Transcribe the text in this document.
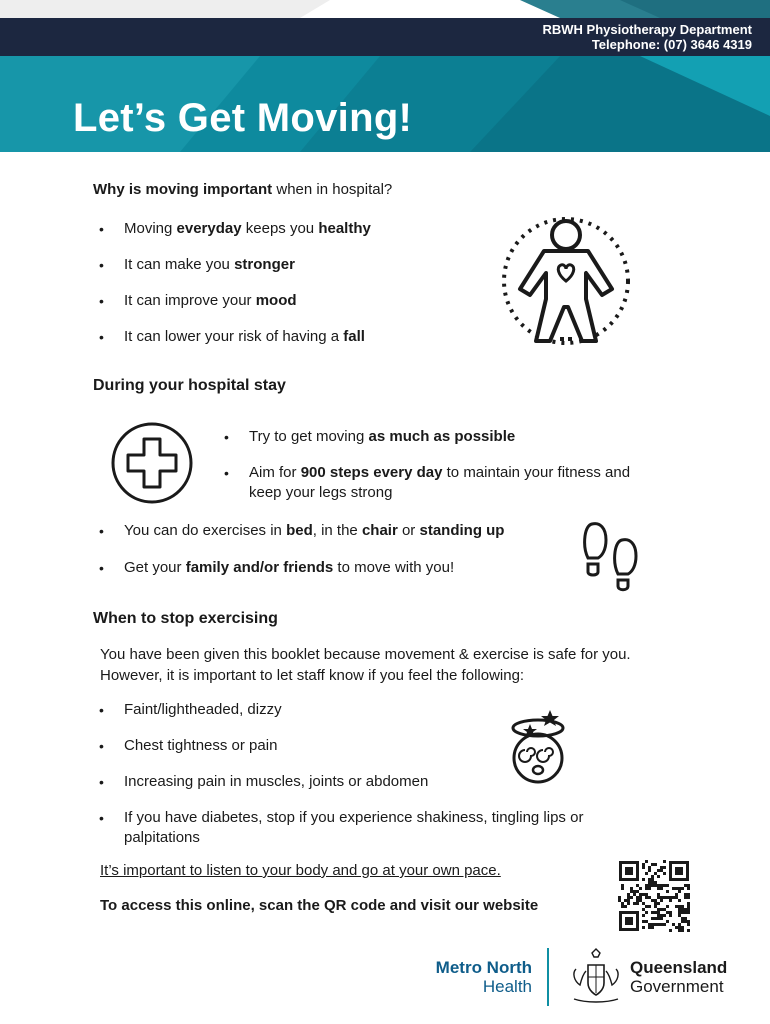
RBWH Physiotherapy Department
Telephone: (07) 3646 4319
Let’s Get Moving!
Why is moving important when in hospital?
• Moving everyday keeps you healthy
• It can make you stronger
• It can improve your mood
• It can lower your risk of having a fall
During your hospital stay
• Try to get moving as much as possible
• Aim for 900 steps every day to maintain your fitness and keep your legs strong
• You can do exercises in bed, in the chair or standing up
• Get your family and/or friends to move with you!
When to stop exercising
You have been given this booklet because movement & exercise is safe for you. However, it is important to let staff know if you feel the following:
• Faint/lightheaded, dizzy
• Chest tightness or pain
• Increasing pain in muscles, joints or abdomen
• If you have diabetes, stop if you experience shakiness, tingling lips or palpitations
It’s important to listen to your body and go at your own pace.
To access this online, scan the QR code and visit our website
Metro North
Health
Queensland
Government
